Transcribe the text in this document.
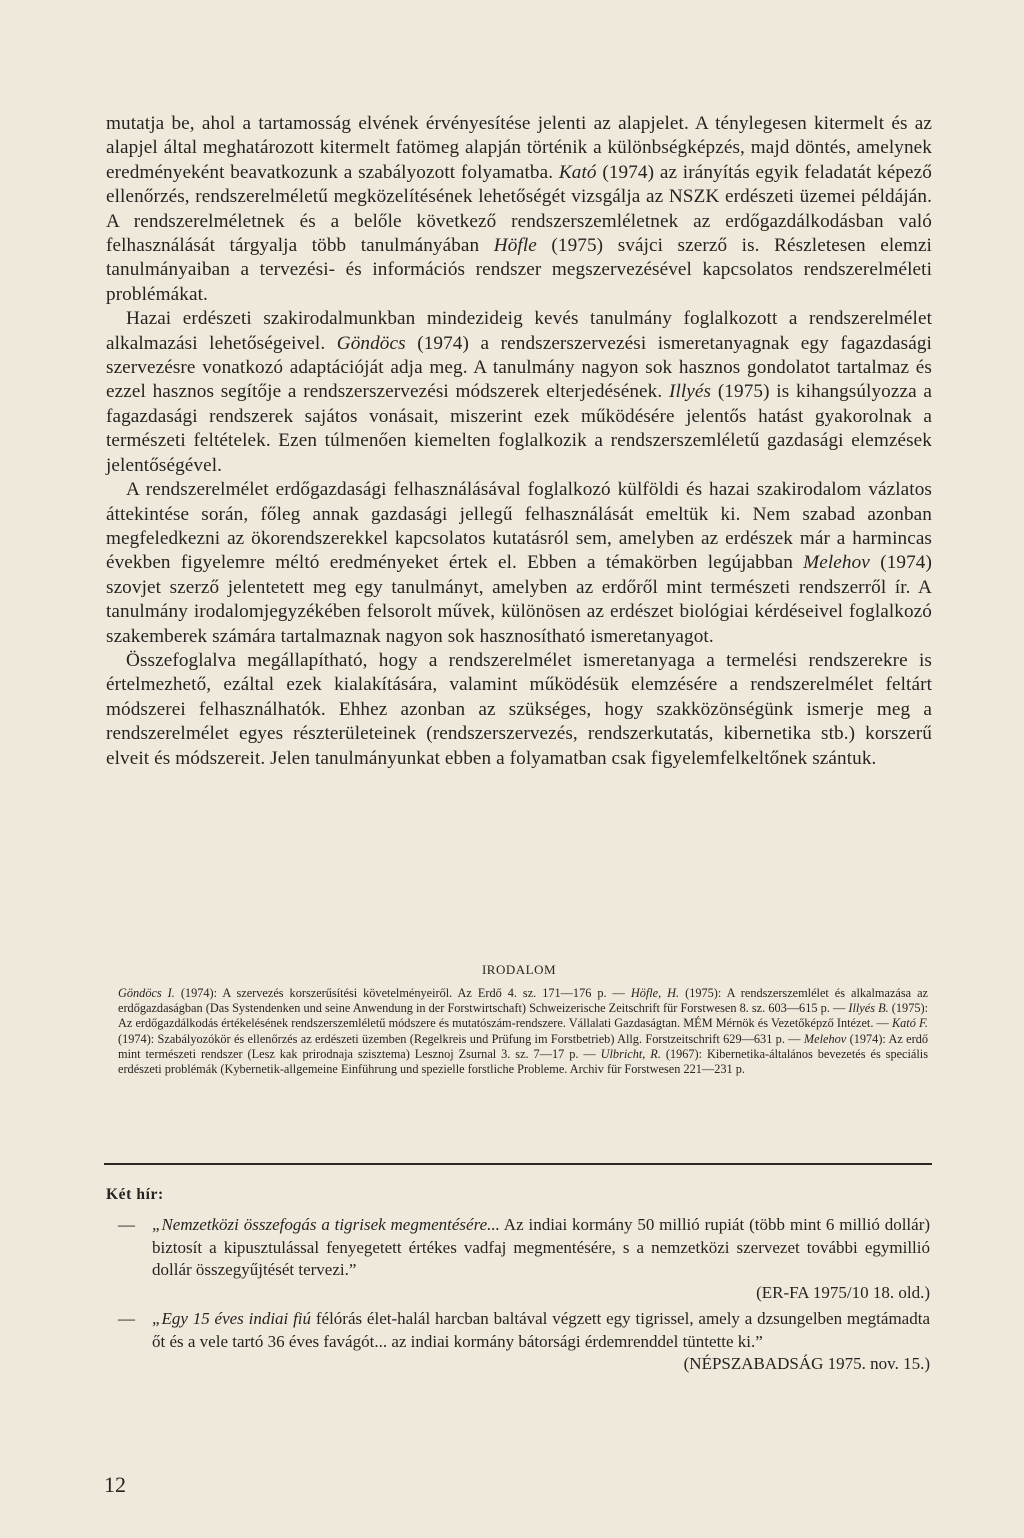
mutatja be, ahol a tartamosság elvének érvényesítése jelenti az alapjelet. A ténylegesen kitermelt és az alapjel által meghatározott kitermelt fatömeg alapján történik a különbségképzés, majd döntés, amelynek eredményeként beavatkozunk a szabályozott folyamatba. Kató (1974) az irányítás egyik feladatát képező ellenőrzés, rendszerelméletű megközelítésének lehetőségét vizsgálja az NSZK erdészeti üzemei példáján. A rendszerelméletnek és a belőle következő rendszerszemléletnek az erdőgazdálkodásban való felhasználását tárgyalja több tanulmányában Höfle (1975) svájci szerző is. Részletesen elemzi tanulmányaiban a tervezési- és információs rendszer megszervezésével kapcsolatos rendszerelméleti problémákat.

Hazai erdészeti szakirodalmunkban mindezideig kevés tanulmány foglalkozott a rendszerelmélet alkalmazási lehetőségeivel. Göndöcs (1974) a rendszerszervezési ismeretanyagnak egy fagazdasági szervezésre vonatkozó adaptációját adja meg. A tanulmány nagyon sok hasznos gondolatot tartalmaz és ezzel hasznos segítője a rendszerszervezési módszerek elterjedésének. Illyés (1975) is kihangsúlyozza a fagazdasági rendszerek sajátos vonásait, miszerint ezek működésére jelentős hatást gyakorolnak a természeti feltételek. Ezen túlmenően kiemelten foglalkozik a rendszerszemléletű gazdasági elemzések jelentőségével.

A rendszerelmélet erdőgazdasági felhasználásával foglalkozó külföldi és hazai szakirodalom vázlatos áttekintése során, főleg annak gazdasági jellegű felhasználását emeltük ki. Nem szabad azonban megfeledkezni az ökorendszerekkel kapcsolatos kutatásról sem, amelyben az erdészek már a harmincas években figyelemre méltó eredményeket értek el. Ebben a témakörben legújabban Melehov (1974) szovjet szerző jelentetett meg egy tanulmányt, amelyben az erdőről mint természeti rendszerről ír. A tanulmány irodalomjegyzékében felsorolt művek, különösen az erdészet biológiai kérdéseivel foglalkozó szakemberek számára tartalmaznak nagyon sok hasznosítható ismeretanyagot.

Összefoglalva megállapítható, hogy a rendszerelmélet ismeretanyaga a termelési rendszerekre is értelmezhető, ezáltal ezek kialakítására, valamint működésük elemzésére a rendszerelmélet feltárt módszerei felhasználhatók. Ehhez azonban az szükséges, hogy szakközönségünk ismerje meg a rendszerelmélet egyes részterületeinek (rendszerszervezés, rendszerkutatás, kibernetika stb.) korszerű elveit és módszereit. Jelen tanulmányunkat ebben a folyamatban csak figyelemfelkeltőnek szántuk.

IRODALOM
Göndöcs I. (1974): A szervezés korszerűsítési követelményeiről. Az Erdő 4. sz. 171—176 p. — Höfle, H. (1975): A rendszerszemlélet és alkalmazása az erdőgazdaságban (Das Systendenken und seine Anwendung in der Forstwirtschaft) Schweizerische Zeitschrift für Forstwesen 8. sz. 603—615 p. — Illyés B. (1975): Az erdőgazdálkodás értékelésének rendszerszemléletű módszere és mutatószám-rendszere. Vállalati Gazdaságtan. MÉM Mérnök és Vezetőképző Intézet. — Kató F. (1974): Szabályozókör és ellenőrzés az erdészeti üzemben (Regelkreis und Prüfung im Forstbetrieb) Allg. Forstzeitschrift 629—631 p. — Melehov (1974): Az erdő mint természeti rendszer (Lesz kak prirodnaja szisztema) Lesznoj Zsurnal 3. sz. 7—17 p. — Ulbricht, R. (1967): Kibernetika-általános bevezetés és speciális erdészeti problémák (Kybernetik-allgemeine Einführung und spezielle forstliche Probleme. Archiv für Forstwesen 221—231 p.
Két hír:
— „Nemzetközi összefogás a tigrisek megmentésére... Az indiai kormány 50 millió rupiát (több mint 6 millió dollár) biztosít a kipusztulással fenyegetett értékes vadfaj megmentésére, s a nemzetközi szervezet további egymillió dollár összegyűjtését tervezi.”
(ER-FA 1975/10 18. old.)
— „Egy 15 éves indiai fiú félórás élet-halál harcban baltával végzett egy tigrissel, amely a dzsungelben megtámadta őt és a vele tartó 36 éves favágót... az indiai kormány bátorsági érdemrenddel tüntette ki.”
(NÉPSZABADSÁG 1975. nov. 15.)
12
